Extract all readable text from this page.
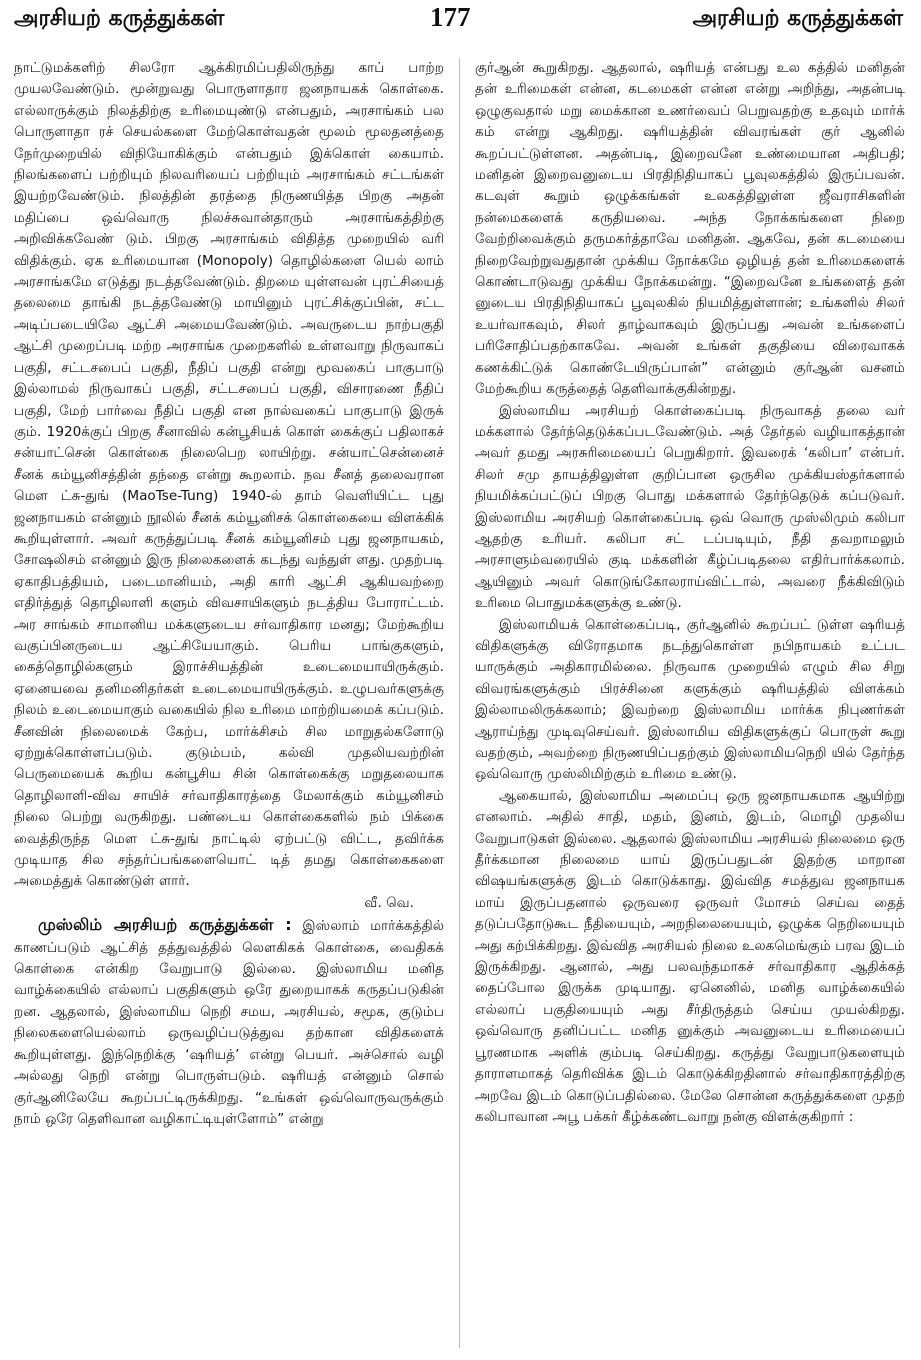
அரசியற் கருத்துக்கள்	177	அரசியற் கருத்துக்கள்

நாட்டுமக்களிற் சிலரோ ஆக்கிரமிப்பதிலிருந்து காப் பாற்ற முயலவேண்டும். மூன்றுவது பொருளாதார ஜனநாயகக் கொள்கை. எல்லாருக்கும் நிலத்திற்கு உரிமையுண்டு என்பதும், அரசாங்கம் பல பொருளாதா ரச் செயல்களை மேற்கொள்வதன் மூலம் மூலதனத்தை நேர்முறையில் விநியோகிக்கும் என்பதும் இக்கொள் கையாம். நிலங்களைப் பற்றியும் நிலவரியைப் பற்றியும் அரசாங்கம் சட்டங்கள் இயற்றவேண்டும். நிலத்தின் தரத்தை நிருணயித்த பிறகு அதன் மதிப்பை ஒவ்வொரு நிலச்சுவான்தாரும் அரசாங்கத்திற்கு அறிவிக்கவேண் டும். பிறகு அரசாங்கம் விதித்த முறையில் வரி விதிக்கும். ஏக உரிமையான (Monopoly) தொழில்களை யெல் லாம் அரசாங்கமே எடுத்து நடத்தவேண்டும். திறமை யுள்ளவன் புரட்சியைத் தலைமை தாங்கி நடத்தவேண்டு மாயினும் புரட்சிக்குப்பின், சட்ட அடிப்படையிலே ஆட்சி அமையவேண்டும். அவருடைய நாற்பகுதி ஆட்சி முறைப்படி மற்ற அரசாங்க முறைகளில் உள்ளவாறு நிருவாகப் பகுதி, சட்டசபைப் பகுதி, நீதிப் பகுதி என்று மூவகைப் பாகுபாடு இல்லாமல் நிருவாகப் பகுதி, சட்டசபைப் பகுதி, விசாரணை நீதிப் பகுதி, மேற் பார்வை நீதிப் பகுதி என நால்வகைப் பாகுபாடு இருக் கும். 1920க்குப் பிறகு சீனாவில் கன்பூசியக் கொள் கைக்குப் பதிலாகச் சன்யாட்சென் கொள்கை நிலைபெற லாயிற்று. சன்யாட்சென்னைச் சீனக் கம்யூனிசத்தின் தந்தை என்று கூறலாம். நவ சீனத் தலைவரான மௌ ட்சு-துங் (MaoTse-Tung) 1940-ல் தாம் வெளியிட்ட புது ஜனநாயகம் என்னும் நூலில் சீனக் கம்யூனிசக் கொள்கையை விளக்கிக் கூறியுள்ளார். அவர் கருத்துப்படி சீனக் கம்யூனிசம் புது ஜனநாயகம், சோஷலிசம் என்னும் இரு நிலைகளைக் கடந்து வந்துள் ளது. முதற்படி ஏகாதிபத்தியம், படைமானியம், அதி காரி ஆட்சி ஆகியவற்றை எதிர்த்துத் தொழிலாளி களும் விவசாயிகளும் நடத்திய போராட்டம். அர சாங்கம் சாமானிய மக்களுடைய சர்வாதிகார மனது; மேற்கூறிய வகுப்பினருடைய ஆட்சியேயாகும். பெரிய பாங்குகளும், கைத்தொழில்களும் இராச்சியத்தின் உடைமையாயிருக்கும். ஏனையவை தனிமனிதர்கள் உடைமையாயிருக்கும். உழுபவர்களுக்கு நிலம் உடைமையாகும் வகையில் நில உரிமை மாற்றியமைக் கப்படும். சீனவின் நிலைமைக் கேற்ப, மார்க்சிசம் சில மாறுதல்களோடு ஏற்றுக்கொள்ளப்படும். குடும்பம், கல்வி முதலியவற்றின் பெருமையைக் கூறிய கன்பூசிய சின் கொள்கைக்கு மறுதலையாக தொழிலாளி-விவ சாயிச் சர்வாதிகாரத்தை மேலாக்கும் கம்யூனிசம் நிலை பெற்று வருகிறது. பண்டைய கொள்கைகளில் நம் பிக்கை வைத்திருந்த மௌ ட்சு-துங் நாட்டில் ஏற்பட்டு விட்ட, தவிர்க்க முடியாத சில சந்தர்ப்பங்களையொட் டித் தமது கொள்கைகளை அமைத்துக் கொண்டுள் ளார்.

வீ. வெ.

முஸ்லிம் அரசியற் கருத்துக்கள் : இஸ்லாம் மார்க்கத்தில் காணப்படும் ஆட்சித் தத்துவத்தில் லௌகிகக் கொள்கை, வைதிகக் கொள்கை என்கிற வேறுபாடு இல்லை. இஸ்லாமிய மனித வாழ்க்கையில் எல்லாப் பகுதிகளும் ஒரே துறையாகக் கருதப்படுகின் றன. ஆதலால், இஸ்லாமிய நெறி சமய, அரசியல், சமூக, குடும்ப நிலைகளையெல்லாம் ஒருவழிப்படுத்துவ தற்கான விதிகளைக் கூறியுள்ளது. இந்நெறிக்கு ‘ஷரியத்’ என்று பெயர். அச்சொல் வழி அல்லது நெறி என்று பொருள்படும். ஷரியத் என்னும் சொல் குர்ஆனிலேயே கூறப்பட்டிருக்கிறது. “உங்கள் ஒவ்வொருவருக்கும் நாம் ஒரே தெளிவான வழிகாட்டியுள்ளோம்” என்று

குர்ஆன் கூறுகிறது. ஆதலால், ஷரியத் என்பது உல கத்தில் மனிதன் தன் உரிமைகள் என்ன, கடமைகள் என்ன என்று அறிந்து, அதன்படி ஒழுகுவதால் மறு மைக்கான உணர்வைப் பெறுவதற்கு உதவும் மார்க் கம் என்று ஆகிறது. ஷரியத்தின் விவரங்கள் குர் ஆனில் கூறப்பட்டுள்ளன. அதன்படி, இறைவனே உண்மையான அதிபதி; மனிதன் இறைவனுடைய பிரதிநிதியாகப் பூவுலகத்தில் இருப்பவன். கடவுள் கூறும் ஒழுக்கங்கள் உலகத்திலுள்ள ஜீவராசிகளின் நன்மைகளைக் கருதியவை. அந்த நோக்கங்களை நிறை வேற்றிவைக்கும் தருமகர்த்தாவே மனிதன். ஆகவே, தன் கடமையை நிறைவேற்றுவதுதான் முக்கிய நோக்கமே ஒழியத் தன் உரிமைகளைக் கொண்டாடுவது முக்கிய நோக்கமன்று. “இறைவனே உங்களைத் தன் னுடைய பிரதிநிதியாகப் பூவுலகில் நியமித்துள்ளான்; உங்களில் சிலர் உயர்வாகவும், சிலர் தாழ்வாகவும் இருப்பது அவன் உங்களைப் பரிசோதிப்பதற்காகவே. அவன் உங்கள் தகுதியை விரைவாகக் கணக்கிட்டுக் கொண்டேயிருப்பான்” என்னும் குர்ஆன் வசனம் மேற்கூறிய கருத்தைத் தெளிவாக்குகின்றது.

இஸ்லாமிய அரசியற் கொள்கைப்படி நிருவாகத் தலை வர் மக்களால் தேர்ந்தெடுக்கப்படவேண்டும். அத் தேர்தல் வழியாகத்தான் அவர் தமது அரசுரிமையைப் பெறுகிறார். இவரைக் ‘கலிபா’ என்பர். சிலர் சமு தாயத்திலுள்ள குறிப்பான ஒருசில முக்கியஸ்தர்களால் நியமிக்கப்பட்டுப் பிறகு பொது மக்களால் தேர்ந்தெடுக் கப்படுவர். இஸ்லாமிய அரசியற் கொள்கைப்படி ஒவ் வொரு முஸ்லிமும் கலிபா ஆதற்கு உரியர். கலிபா சட் டப்படியும், நீதி தவறாமலும் அரசாளும்வரையில் குடி மக்களின் கீழ்ப்படிதலை எதிர்பார்க்கலாம். ஆயினும் அவர் கொடுங்கோலராய்விட்டால், அவரை நீக்கிவிடும் உரிமை பொதுமக்களுக்கு உண்டு.

இஸ்லாமியக் கொள்கைப்படி, குர்ஆனில் கூறப்பட் டுள்ள ஷரியத் விதிகளுக்கு விரோதமாக நடந்துகொள்ள நபிநாயகம் உட்பட யாருக்கும் அதிகாரமில்லை. நிருவாக முறையில் எழும் சில சிறு விவரங்களுக்கும் பிரச்சினை களுக்கும் ஷரியத்தில் விளக்கம் இல்லாமலிருக்கலாம்; இவற்றை இஸ்லாமிய மார்க்க நிபுணர்கள் ஆராய்ந்து முடிவுசெய்வர். இஸ்லாமிய விதிகளுக்குப் பொருள் கூறு வதற்கும், அவற்றை நிருணயிப்பதற்கும் இஸ்லாமியநெறி யில் தேர்ந்த ஒவ்வொரு முஸ்லிமிற்கும் உரிமை உண்டு.

ஆகையால், இஸ்லாமிய அமைப்பு ஒரு ஜனநாயகமாக ஆயிற்று எனலாம். அதில் சாதி, மதம், இனம், இடம், மொழி முதலிய வேறுபாடுகள் இல்லை. ஆதலால் இஸ்லாமிய அரசியல் நிலைமை ஒரு தீர்க்கமான நிலைமை யாய் இருப்பதுடன் இதற்கு மாறான விஷயங்களுக்கு இடம் கொடுக்காது. இவ்வித சமத்துவ ஜனநாயக மாய் இருப்பதனால் ஒருவரை ஒருவர் மோசம் செய்வ தைத் தடுப்பதோடுகூட நீதியையும், அறநிலையையும், ஒழுக்க நெறியையும் அது கற்பிக்கிறது. இவ்வித அரசியல் நிலை உலகமெங்கும் பரவ இடம் இருக்கிறது. ஆனால், அது பலவந்தமாகச் சர்வாதிகார ஆதிக்கத் தைப்போல இருக்க முடியாது. ஏனெனில், மனித வாழ்க்கையில் எல்லாப் பகுதியையும் அது சீர்திருத்தம் செய்ய முயல்கிறது. ஒவ்வொரு தனிப்பட்ட மனித னுக்கும் அவனுடைய உரிமையைப் பூரணமாக அளிக் கும்படி செய்கிறது. கருத்து வேறுபாடுகளையும் தாராளமாகத் தெரிவிக்க இடம் கொடுக்கிறதினால் சர்வாதிகாரத்திற்கு அறவே இடம் கொடுப்பதில்லை. மேலே சொன்ன கருத்துக்களை முதற் கலிபாவான அபூ பக்கர் கீழ்க்கண்டவாறு நன்கு விளக்குகிறார் :
